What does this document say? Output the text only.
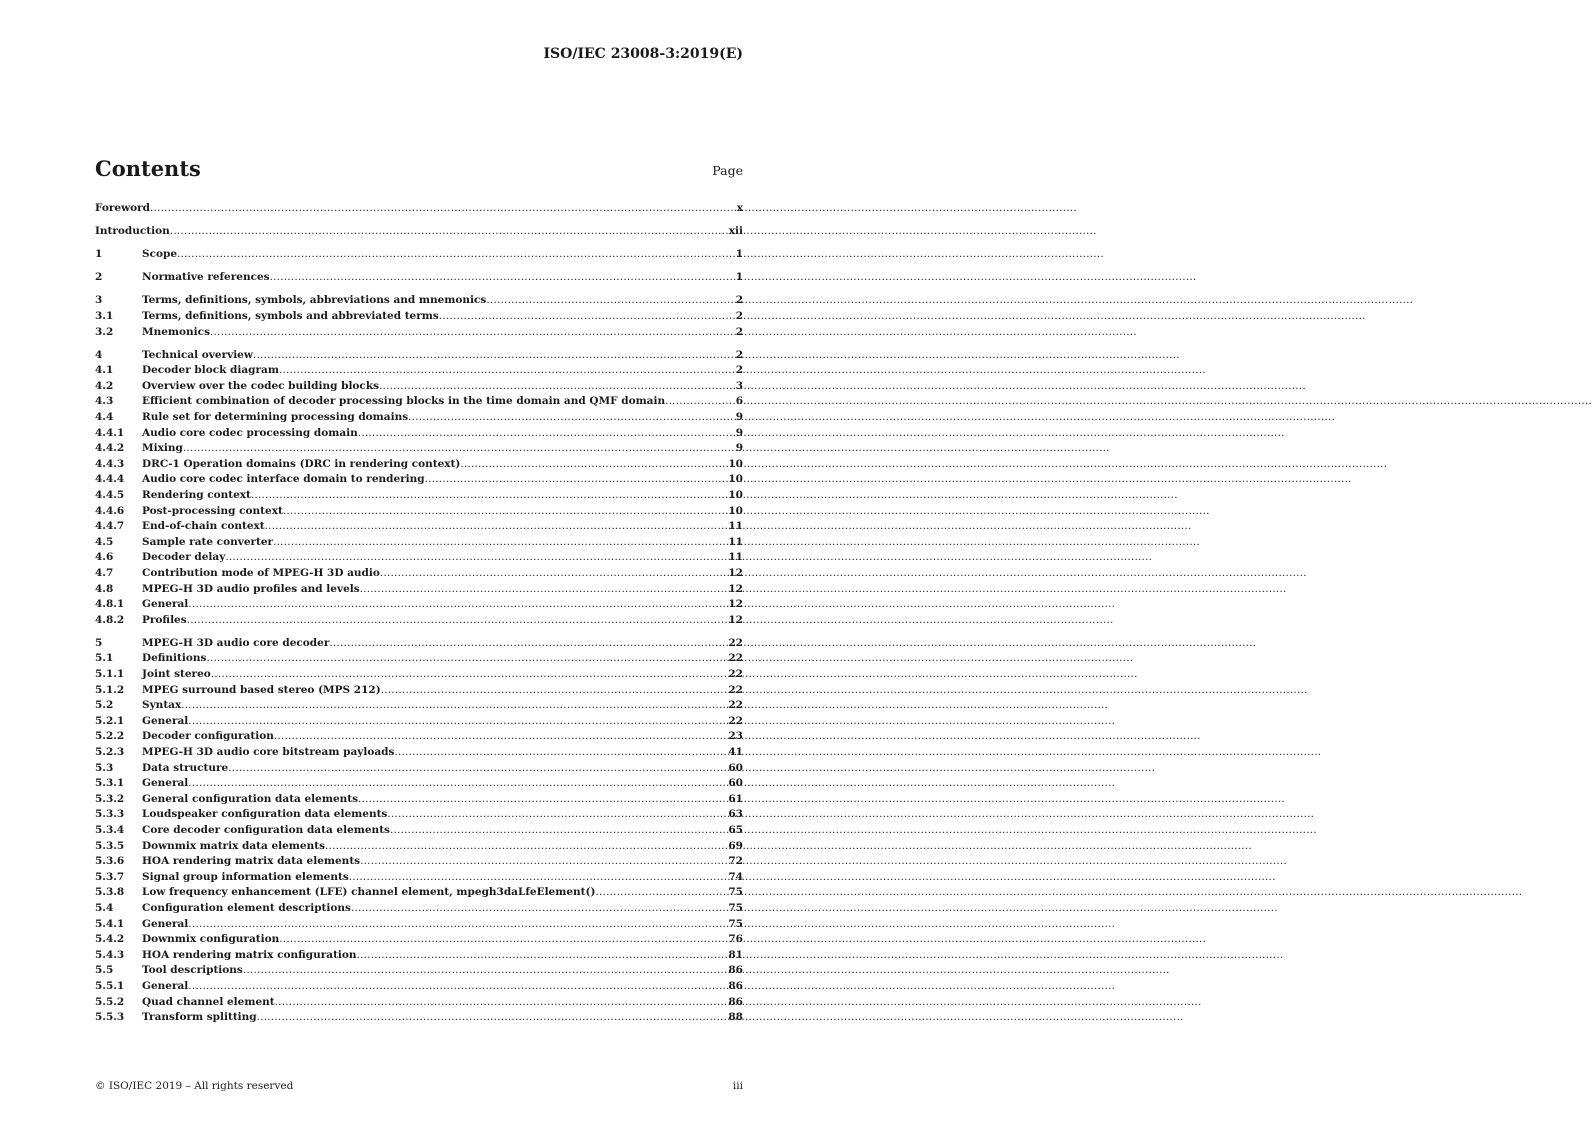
ISO/IEC 23008-3:2019(E)
Contents	Page
Foreword .....	x
Introduction .....	xii
1	Scope .....	1
2	Normative references .....	1
3	Terms, definitions, symbols, abbreviations and mnemonics .....	2
3.1	Terms, definitions, symbols and abbreviated terms .....	2
3.2	Mnemonics .....	2
4	Technical overview .....	2
4.1	Decoder block diagram .....	2
4.2	Overview over the codec building blocks .....	3
4.3	Efficient combination of decoder processing blocks in the time domain and QMF domain .....	6
4.4	Rule set for determining processing domains .....	9
4.4.1	Audio core codec processing domain .....	9
4.4.2	Mixing .....	9
4.4.3	DRC-1 Operation domains (DRC in rendering context) .....	10
4.4.4	Audio core codec interface domain to rendering .....	10
4.4.5	Rendering context .....	10
4.4.6	Post-processing context .....	10
4.4.7	End-of-chain context .....	11
4.5	Sample rate converter .....	11
4.6	Decoder delay .....	11
4.7	Contribution mode of MPEG-H 3D audio .....	12
4.8	MPEG-H 3D audio profiles and levels .....	12
4.8.1	General .....	12
4.8.2	Profiles .....	12
5	MPEG-H 3D audio core decoder .....	22
5.1	Definitions .....	22
5.1.1	Joint stereo .....	22
5.1.2	MPEG surround based stereo (MPS 212) .....	22
5.2	Syntax .....	22
5.2.1	General .....	22
5.2.2	Decoder configuration .....	23
5.2.3	MPEG-H 3D audio core bitstream payloads .....	41
5.3	Data structure .....	60
5.3.1	General .....	60
5.3.2	General configuration data elements .....	61
5.3.3	Loudspeaker configuration data elements .....	63
5.3.4	Core decoder configuration data elements .....	65
5.3.5	Downmix matrix data elements .....	69
5.3.6	HOA rendering matrix data elements .....	72
5.3.7	Signal group information elements .....	74
5.3.8	Low frequency enhancement (LFE) channel element, mpegh3daLfeElement() .....	75
5.4	Configuration element descriptions .....	75
5.4.1	General .....	75
5.4.2	Downmix configuration .....	76
5.4.3	HOA rendering matrix configuration .....	81
5.5	Tool descriptions .....	86
5.5.1	General .....	86
5.5.2	Quad channel element .....	86
5.5.3	Transform splitting .....	88
© ISO/IEC 2019 – All rights reserved	iii
